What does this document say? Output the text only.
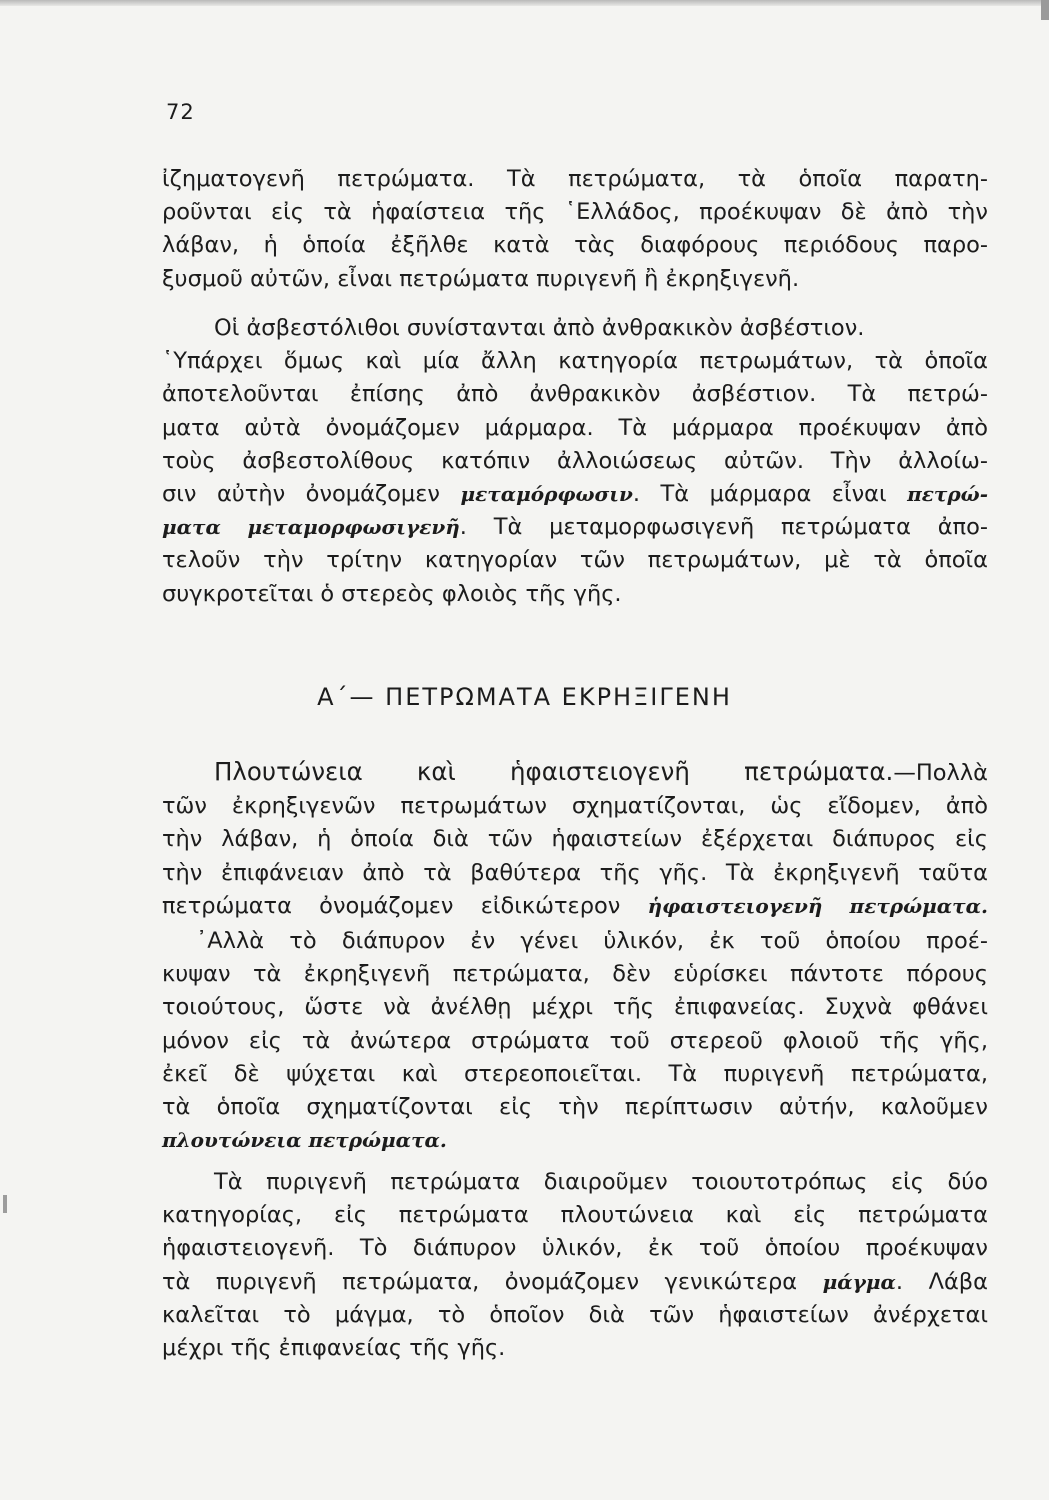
72
ἰζηματογενῆ πετρώματα. Τὰ πετρώματα, τὰ ὁποῖα παρατη-
ροῦνται εἰς τὰ ἡφαίστεια τῆς ῾Ελλάδος, προέκυψαν δὲ ἀπὸ τὴν
λάβαν, ἡ ὁποία ἐξῆλθε κατὰ τὰς διαφόρους περιόδους παρο-
ξυσμοῦ αὐτῶν, εἶναι πετρώματα πυριγενῆ ἢ ἐκρηξιγενῆ.
Οἱ ἀσβεστόλιθοι συνίστανται ἀπὸ ἀνθρακικὸν ἀσβέστιον.
῾Υπάρχει ὅμως καὶ μία ἄλλη κατηγορία πετρωμάτων, τὰ ὁποῖα
ἀποτελοῦνται ἐπίσης ἀπὸ ἀνθρακικὸν ἀσβέστιον. Τὰ πετρώ-
ματα αὐτὰ ὀνομάζομεν μάρμαρα. Τὰ μάρμαρα προέκυψαν ἀπὸ
τοὺς ἀσβεστολίθους κατόπιν ἀλλοιώσεως αὐτῶν. Τὴν ἀλλοίω-
σιν αὐτὴν ὀνομάζομεν μεταμόρφωσιν. Τὰ μάρμαρα εἶναι πετρώ-
ματα μεταμορφωσιγενῆ. Τὰ μεταμορφωσιγενῆ πετρώματα ἀπο-
τελοῦν τὴν τρίτην κατηγορίαν τῶν πετρωμάτων, μὲ τὰ ὁποῖα
συγκροτεῖται ὁ στερεὸς φλοιὸς τῆς γῆς.
Α΄— ΠΕΤΡΩΜΑΤΑ ΕΚΡΗΞΙΓΕΝΗ
Πλουτώνεια καὶ ἡφαιστειογενῆ πετρώματα.—Πολλὰ
τῶν ἐκρηξιγενῶν πετρωμάτων σχηματίζονται, ὡς εἴδομεν, ἀπὸ
τὴν λάβαν, ἡ ὁποία διὰ τῶν ἡφαιστείων ἐξέρχεται διάπυρος εἰς
τὴν ἐπιφάνειαν ἀπὸ τὰ βαθύτερα τῆς γῆς. Τὰ ἐκρηξιγενῆ ταῦτα
πετρώματα ὀνομάζομεν εἰδικώτερον ἡφαιστειογενῆ πετρώματα.
᾿Αλλὰ τὸ διάπυρον ἐν γένει ὑλικόν, ἐκ τοῦ ὁποίου προέ-
κυψαν τὰ ἐκρηξιγενῆ πετρώματα, δὲν εὑρίσκει πάντοτε πόρους
τοιούτους, ὥστε νὰ ἀνέλθῃ μέχρι τῆς ἐπιφανείας. Συχνὰ φθάνει
μόνον εἰς τὰ ἀνώτερα στρώματα τοῦ στερεοῦ φλοιοῦ τῆς γῆς,
ἐκεῖ δὲ ψύχεται καὶ στερεοποιεῖται. Τὰ πυριγενῆ πετρώματα,
τὰ ὁποῖα σχηματίζονται εἰς τὴν περίπτωσιν αὐτήν, καλοῦμεν
πλουτώνεια πετρώματα.
Τὰ πυριγενῆ πετρώματα διαιροῦμεν τοιουτοτρόπως εἰς δύο
κατηγορίας, εἰς πετρώματα πλουτώνεια καὶ εἰς πετρώματα
ἡφαιστειογενῆ. Τὸ διάπυρον ὑλικόν, ἐκ τοῦ ὁποίου προέκυψαν
τὰ πυριγενῆ πετρώματα, ὀνομάζομεν γενικώτερα μάγμα. Λάβα
καλεῖται τὸ μάγμα, τὸ ὁποῖον διὰ τῶν ἡφαιστείων ἀνέρχεται
μέχρι τῆς ἐπιφανείας τῆς γῆς.
